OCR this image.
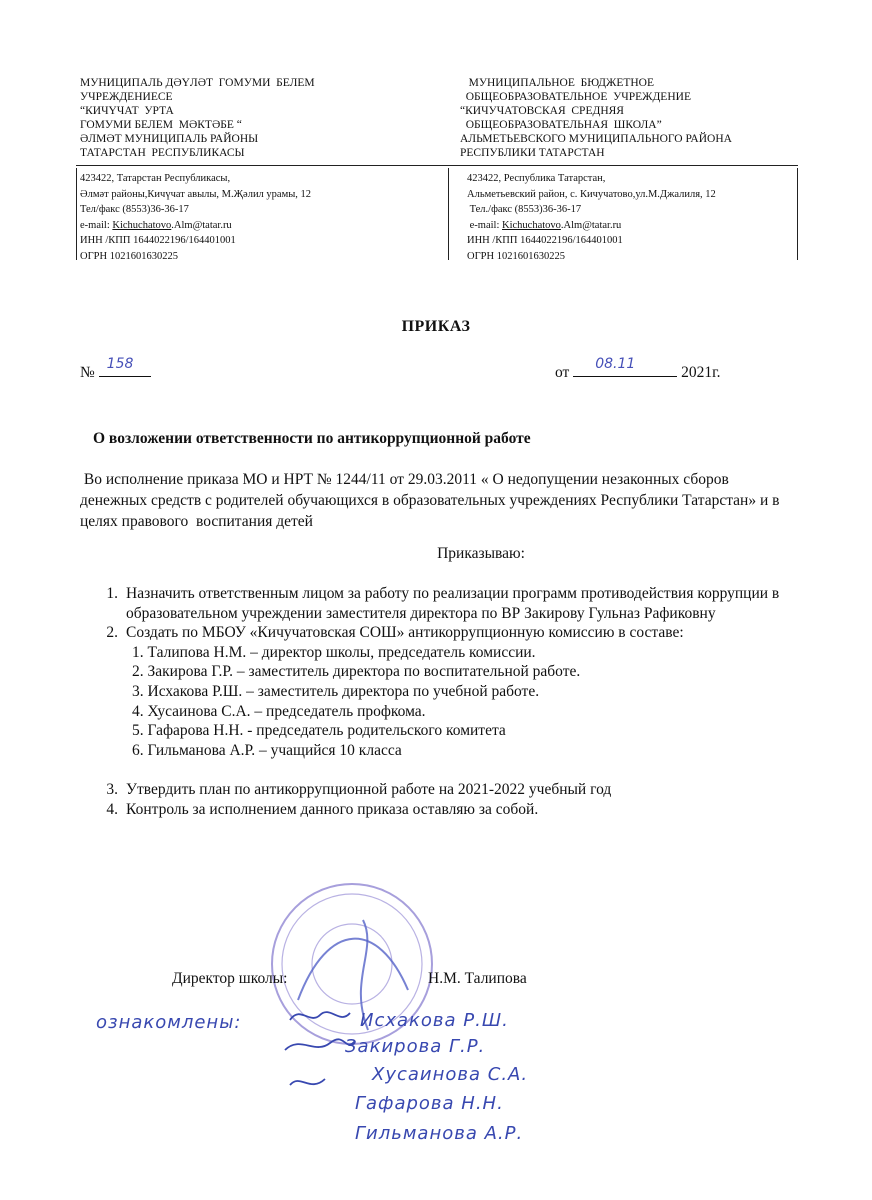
МУНИЦИПАЛЬ ДӘҮЛӘТ  ГОМУМИ  БЕЛЕМ
УЧРЕЖДЕНИЕСЕ
“КИЧҮЧАТ  УРТА
ГОМУМИ БЕЛЕМ  МӘКТӘБЕ “
ӘЛМӘТ МУНИЦИПАЛЬ РАЙОНЫ
ТАТАРСТАН  РЕСПУБЛИКАСЫ
МУНИЦИПАЛЬНОЕ  БЮДЖЕТНОЕ
ОБЩЕОБРАЗОВАТЕЛЬНОЕ  УЧРЕЖДЕНИЕ
“КИЧУЧАТОВСКАЯ  СРЕДНЯЯ
ОБЩЕОБРАЗОВАТЕЛЬНАЯ  ШКОЛА”
АЛЬМЕТЬЕВСКОГО МУНИЦИПАЛЬНОГО РАЙОНА
РЕСПУБЛИКИ ТАТАРСТАН
423422, Татарстан Республикасы,
Әлмәт районы,Кичүчат авылы, М.Җәлил урамы, 12
Тел/факс (8553)36-36-17
e-mail: Kichuchatovo.Alm@tatar.ru
ИНН /КПП 1644022196/164401001
ОГРН 1021601630225
423422, Республика Татарстан,
Альметьевский район, с. Кичучатово,ул.М.Джалиля, 12
Тел./факс (8553)36-36-17
e-mail: Kichuchatovo.Alm@tatar.ru
ИНН /КПП 1644022196/164401001
ОГРН 1021601630225
ПРИКАЗ
№ 158	от 08.11	2021г.
О возложении ответственности по антикоррупционной работе
Во исполнение приказа МО и НРТ № 1244/11 от 29.03.2011 « О недопущении незаконных сборов денежных средств с родителей обучающихся в образовательных учреждениях Республики Татарстан» и в целях правового  воспитания детей
Приказываю:
1. Назначить ответственным лицом за работу по реализации программ противодействия коррупции в образовательном учреждении заместителя директора по ВР Закирову Гульназ Рафиковну
2. Создать по МБОУ «Кичучатовская СОШ» антикоррупционную комиссию в составе:
1. Талипова Н.М. – директор школы, председатель комиссии.
2. Закирова Г.Р. – заместитель директора по воспитательной работе.
3. Исхакова Р.Ш. – заместитель директора по учебной работе.
4. Хусаинова С.А. – председатель профкома.
5. Гафарова Н.Н. - председатель родительского комитета
6. Гильманова А.Р. – учащийся 10 класса
3. Утвердить план по антикоррупционной работе на 2021-2022 учебный год
4. Контроль за исполнением данного приказа оставляю за собой.
Директор школы:	Н.М. Талипова
ознакомлены:	Исхакова Р.Ш.
Закирова Г.Р.
Хусаинова С.А.
Гафарова Н.Н.
Гильманова А.Р.
